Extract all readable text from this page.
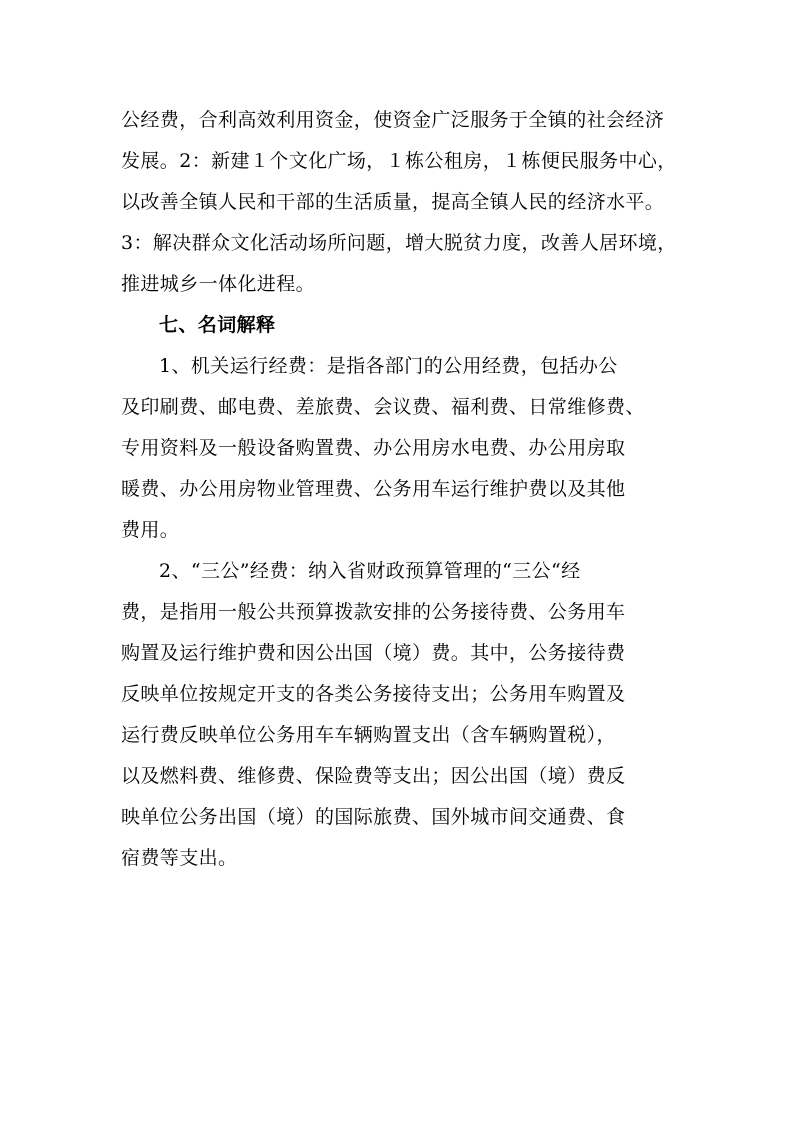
公经费，合利高效利用资金，使资金广泛服务于全镇的社会经济
发展。2：新建１个文化广场，１栋公租房，１栋便民服务中心，
以改善全镇人民和干部的生活质量，提高全镇人民的经济水平。
3：解决群众文化活动场所问题，增大脱贫力度，改善人居环境，
推进城乡一体化进程。
七、名词解释
1、机关运行经费：是指各部门的公用经费，包括办公
及印刷费、邮电费、差旅费、会议费、福利费、日常维修费、
专用资料及一般设备购置费、办公用房水电费、办公用房取
暖费、办公用房物业管理费、公务用车运行维护费以及其他
费用。
2、“三公”经费：纳入省财政预算管理的“三公“经
费，是指用一般公共预算拨款安排的公务接待费、公务用车
购置及运行维护费和因公出国（境）费。其中，公务接待费
反映单位按规定开支的各类公务接待支出；公务用车购置及
运行费反映单位公务用车车辆购置支出（含车辆购置税），
以及燃料费、维修费、保险费等支出；因公出国（境）费反
映单位公务出国（境）的国际旅费、国外城市间交通费、食
宿费等支出。
